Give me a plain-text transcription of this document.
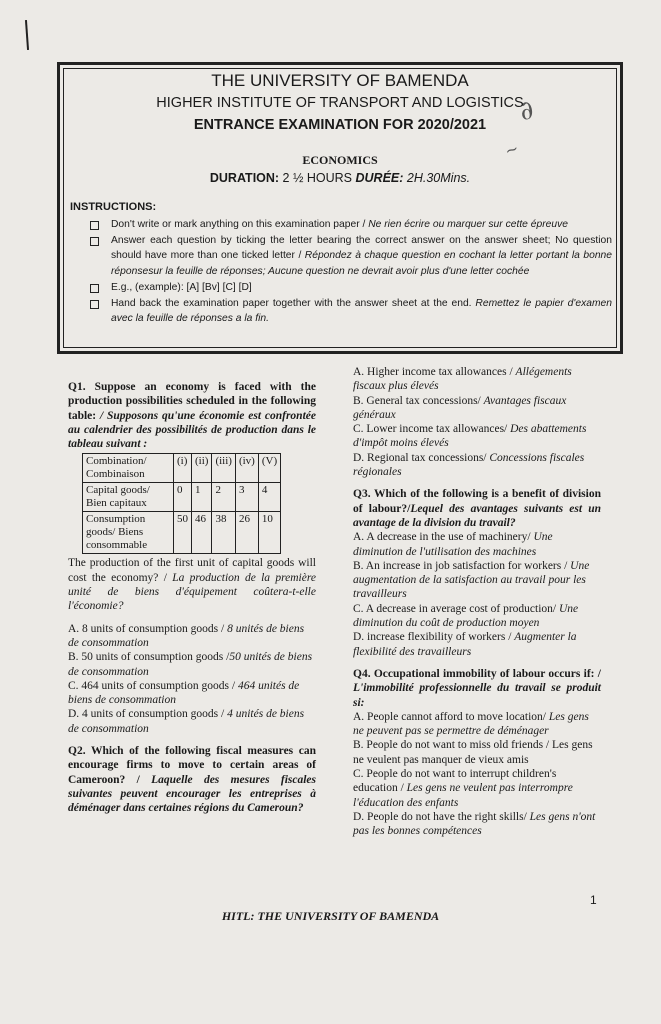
∂
~
THE UNIVERSITY OF BAMENDA
HIGHER INSTITUTE OF TRANSPORT AND LOGISTICS
ENTRANCE EXAMINATION FOR 2020/2021
ECONOMICS
DURATION: 2 ½ HOURS DURÉE: 2H.30Mins.
INSTRUCTIONS:
Don't write or mark anything on this examination paper / Ne rien écrire ou marquer sur cette épreuve
Answer each question by ticking the letter bearing the correct answer on the answer sheet; No question should have more than one ticked letter / Répondez à chaque question en cochant la letter portant la bonne réponsesur la feuille de réponses; Aucune question ne devrait avoir plus d'une letter cochée
E.g., (example): [A] [Bv] [C] [D]
Hand back the examination paper together with the answer sheet at the end. Remettez le papier d'examen avec la feuille de réponses a la fin.
Q1. Suppose an economy is faced with the production possibilities scheduled in the following table: / Supposons qu'une économie est confrontée au calendrier des possibilités de production dans le tableau suivant :
Combination/ Combinaison	(i)	(ii)	(iii)	(iv)	(V)
Capital goods/ Bien capitaux	0	1	2	3	4
Consumption goods/ Biens consommable	50	46	38	26	10
The production of the first unit of capital goods will cost the economy? / La production de la première unité de biens d'équipement coûtera-t-elle l'économie?

A. 8 units of consumption goods / 8 unités de biens de consommation

B. 50 units of consumption goods /50 unités de biens de consommation

C. 464 units of consumption goods / 464 unités de biens de consommation

D. 4 units of consumption goods / 4 unités de biens de consommation

Q2. Which of the following fiscal measures can encourage firms to move to certain areas of Cameroon? / Laquelle des mesures fiscales suivantes peuvent encourager les entreprises à déménager dans certaines régions du Cameroun?

A. Higher income tax allowances / Allégements fiscaux plus élevés

B. General tax concessions/ Avantages fiscaux généraux

C. Lower income tax allowances/ Des abattements d'impôt moins élevés

D. Regional tax concessions/ Concessions fiscales régionales

Q3. Which of the following is a benefit of division of labour?/Lequel des avantages suivants est un avantage de la division du travail?

A. A decrease in the use of machinery/ Une diminution de l'utilisation des machines

B. An increase in job satisfaction for workers / Une augmentation de la satisfaction au travail pour les travailleurs

C. A decrease in average cost of production/ Une diminution du coût de production moyen

D. increase flexibility of workers / Augmenter la flexibilité des travailleurs

Q4. Occupational immobility of labour occurs if: / L'immobilité professionnelle du travail se produit si:

A. People cannot afford to move location/ Les gens ne peuvent pas se permettre de déménager

B. People do not want to miss old friends / Les gens ne veulent pas manquer de vieux amis

C. People do not want to interrupt children's education / Les gens ne veulent pas interrompre l'éducation des enfants

D. People do not have the right skills/ Les gens n'ont pas les bonnes compétences

1
HITL: THE UNIVERSITY OF BAMENDA
